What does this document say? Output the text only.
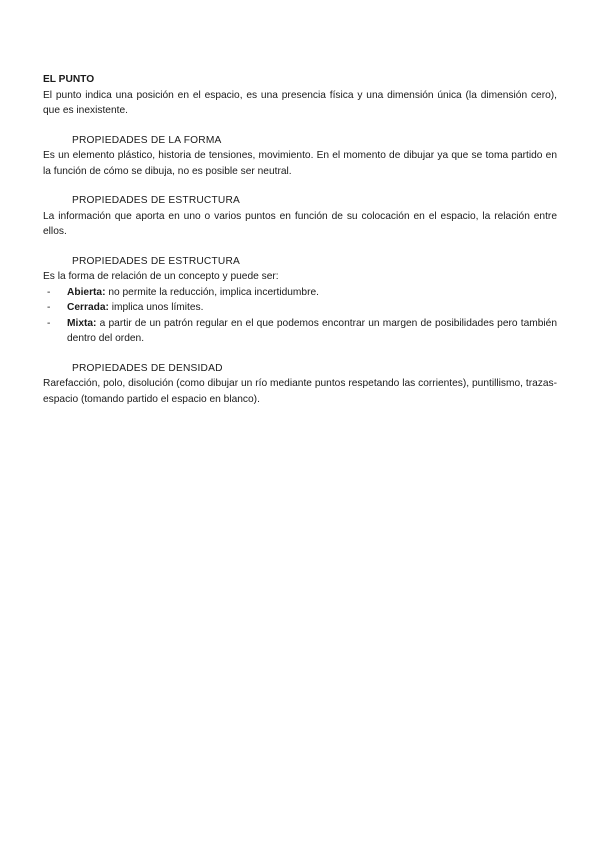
EL PUNTO

El punto indica una posición en el espacio, es una presencia física y una dimensión única (la dimensión cero), que es inexistente.

PROPIEDADES DE LA FORMA

Es un elemento plástico, historia de tensiones, movimiento. En el momento de dibujar ya que se toma partido en la función de cómo se dibuja, no es posible ser neutral.

PROPIEDADES DE ESTRUCTURA

La información que aporta en uno o varios puntos en función de su colocación en el espacio, la relación entre ellos.

PROPIEDADES DE ESTRUCTURA

Es la forma de relación de un concepto y puede ser:

- Abierta: no permite la reducción, implica incertidumbre.
- Cerrada: implica unos límites.
- Mixta: a partir de un patrón regular en el que podemos encontrar un margen de posibilidades pero también dentro del orden.

PROPIEDADES DE DENSIDAD

Rarefacción, polo, disolución (como dibujar un río mediante puntos respetando las corrientes), puntillismo, trazas-espacio (tomando partido el espacio en blanco).
